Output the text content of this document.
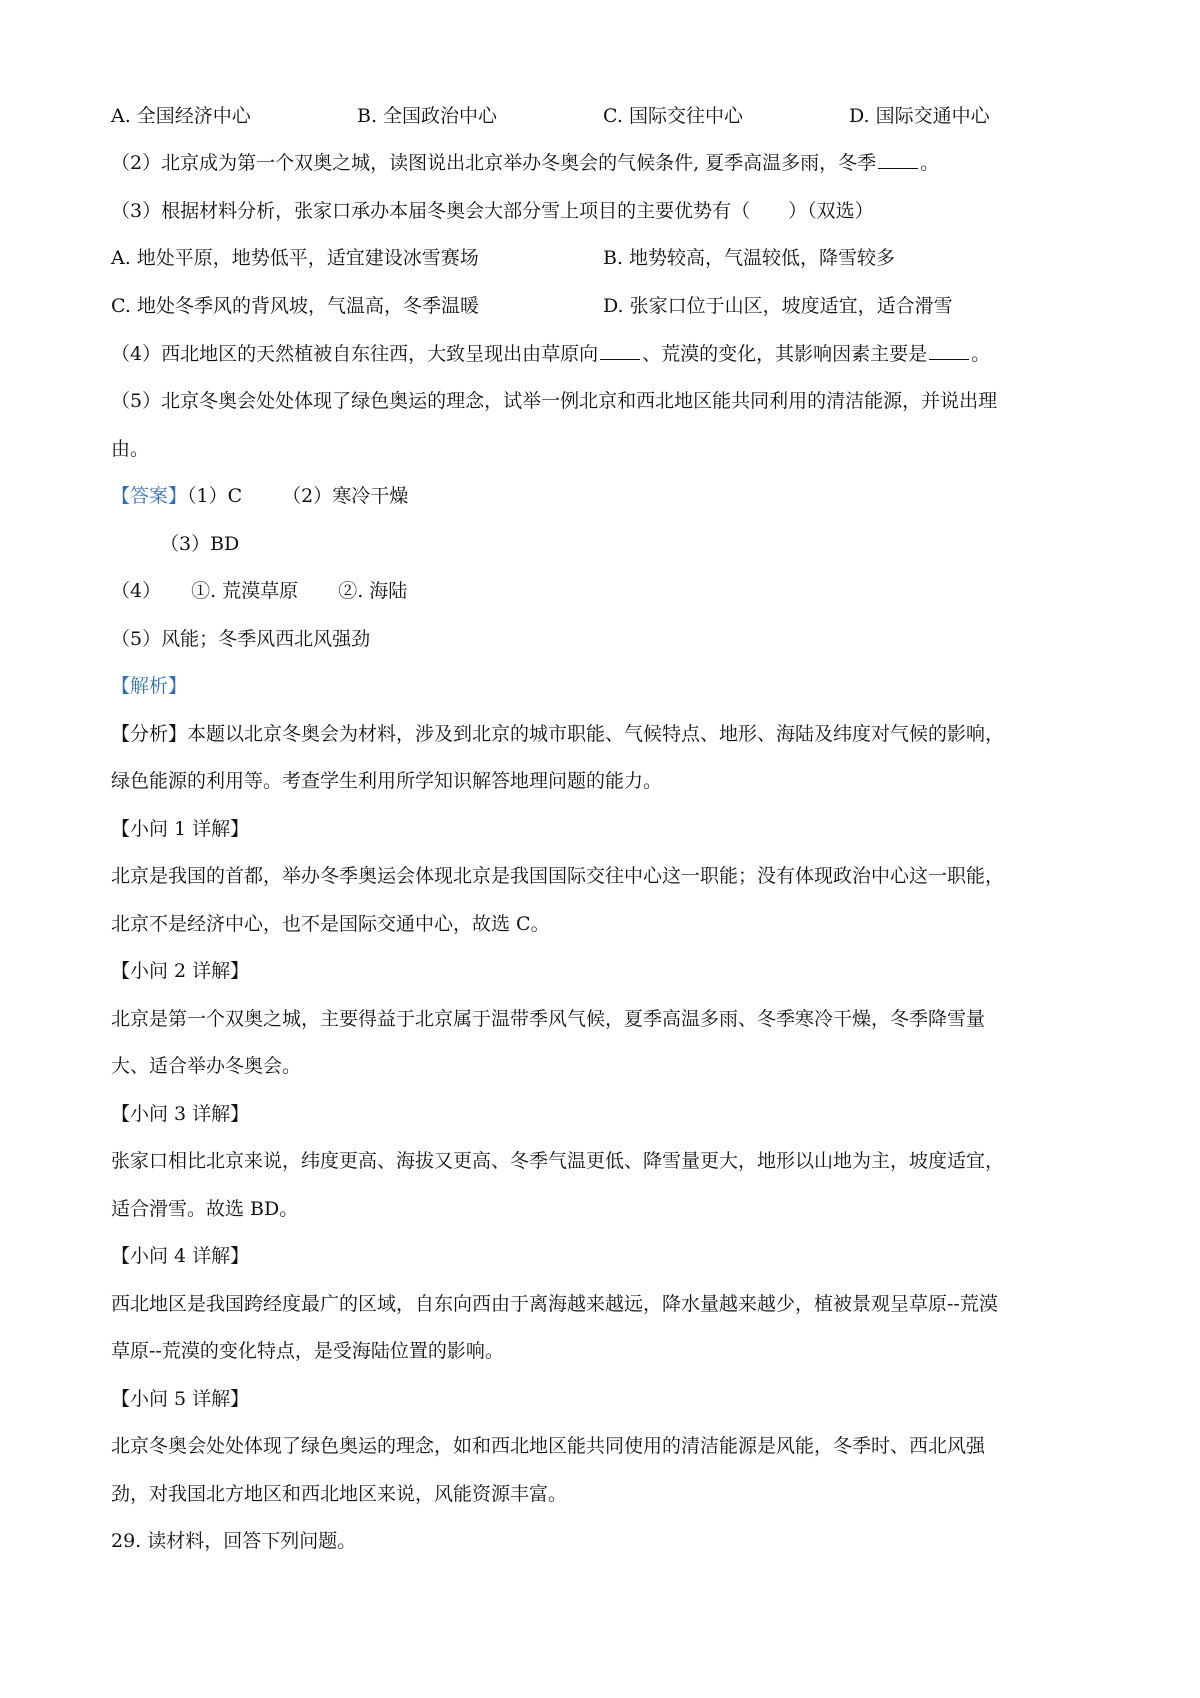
A. 全国经济中心	B. 全国政治中心	C. 国际交往中心	D. 国际交通中心
（2）北京成为第一个双奥之城，读图说出北京举办冬奥会的气候条件, 夏季高温多雨，冬季 。
（3）根据材料分析，张家口承办本届冬奥会大部分雪上项目的主要优势有（　　）（双选）
A. 地处平原，地势低平，适宜建设冰雪赛场	B. 地势较高，气温较低，降雪较多
C. 地处冬季风的背风坡，气温高，冬季温暖	D. 张家口位于山区，坡度适宜，适合滑雪
（4）西北地区的天然植被自东往西，大致呈现出由草原向 、荒漠的变化，其影响因素主要是 。
（5）北京冬奥会处处体现了绿色奥运的理念，试举一例北京和西北地区能共同利用的清洁能源，并说出理
由。
【答案】（1）C （2）寒冷干燥
（3）BD
（4） ①. 荒漠草原 ②. 海陆
（5）风能；冬季风西北风强劲
【解析】
【分析】本题以北京冬奥会为材料，涉及到北京的城市职能、气候特点、地形、海陆及纬度对气候的影响，
绿色能源的利用等。考查学生利用所学知识解答地理问题的能力。
【小问 1 详解】
北京是我国的首都，举办冬季奥运会体现北京是我国国际交往中心这一职能；没有体现政治中心这一职能，
北京不是经济中心，也不是国际交通中心，故选 C。
【小问 2 详解】
北京是第一个双奥之城，主要得益于北京属于温带季风气候，夏季高温多雨、冬季寒冷干燥，冬季降雪量
大、适合举办冬奥会。
【小问 3 详解】
张家口相比北京来说，纬度更高、海拔又更高、冬季气温更低、降雪量更大，地形以山地为主，坡度适宜，
适合滑雪。故选 BD。
【小问 4 详解】
西北地区是我国跨经度最广的区域，自东向西由于离海越来越远，降水量越来越少，植被景观呈草原--荒漠
草原--荒漠的变化特点，是受海陆位置的影响。
【小问 5 详解】
北京冬奥会处处体现了绿色奥运的理念，如和西北地区能共同使用的清洁能源是风能，冬季时、西北风强
劲，对我国北方地区和西北地区来说，风能资源丰富。
29. 读材料，回答下列问题。
